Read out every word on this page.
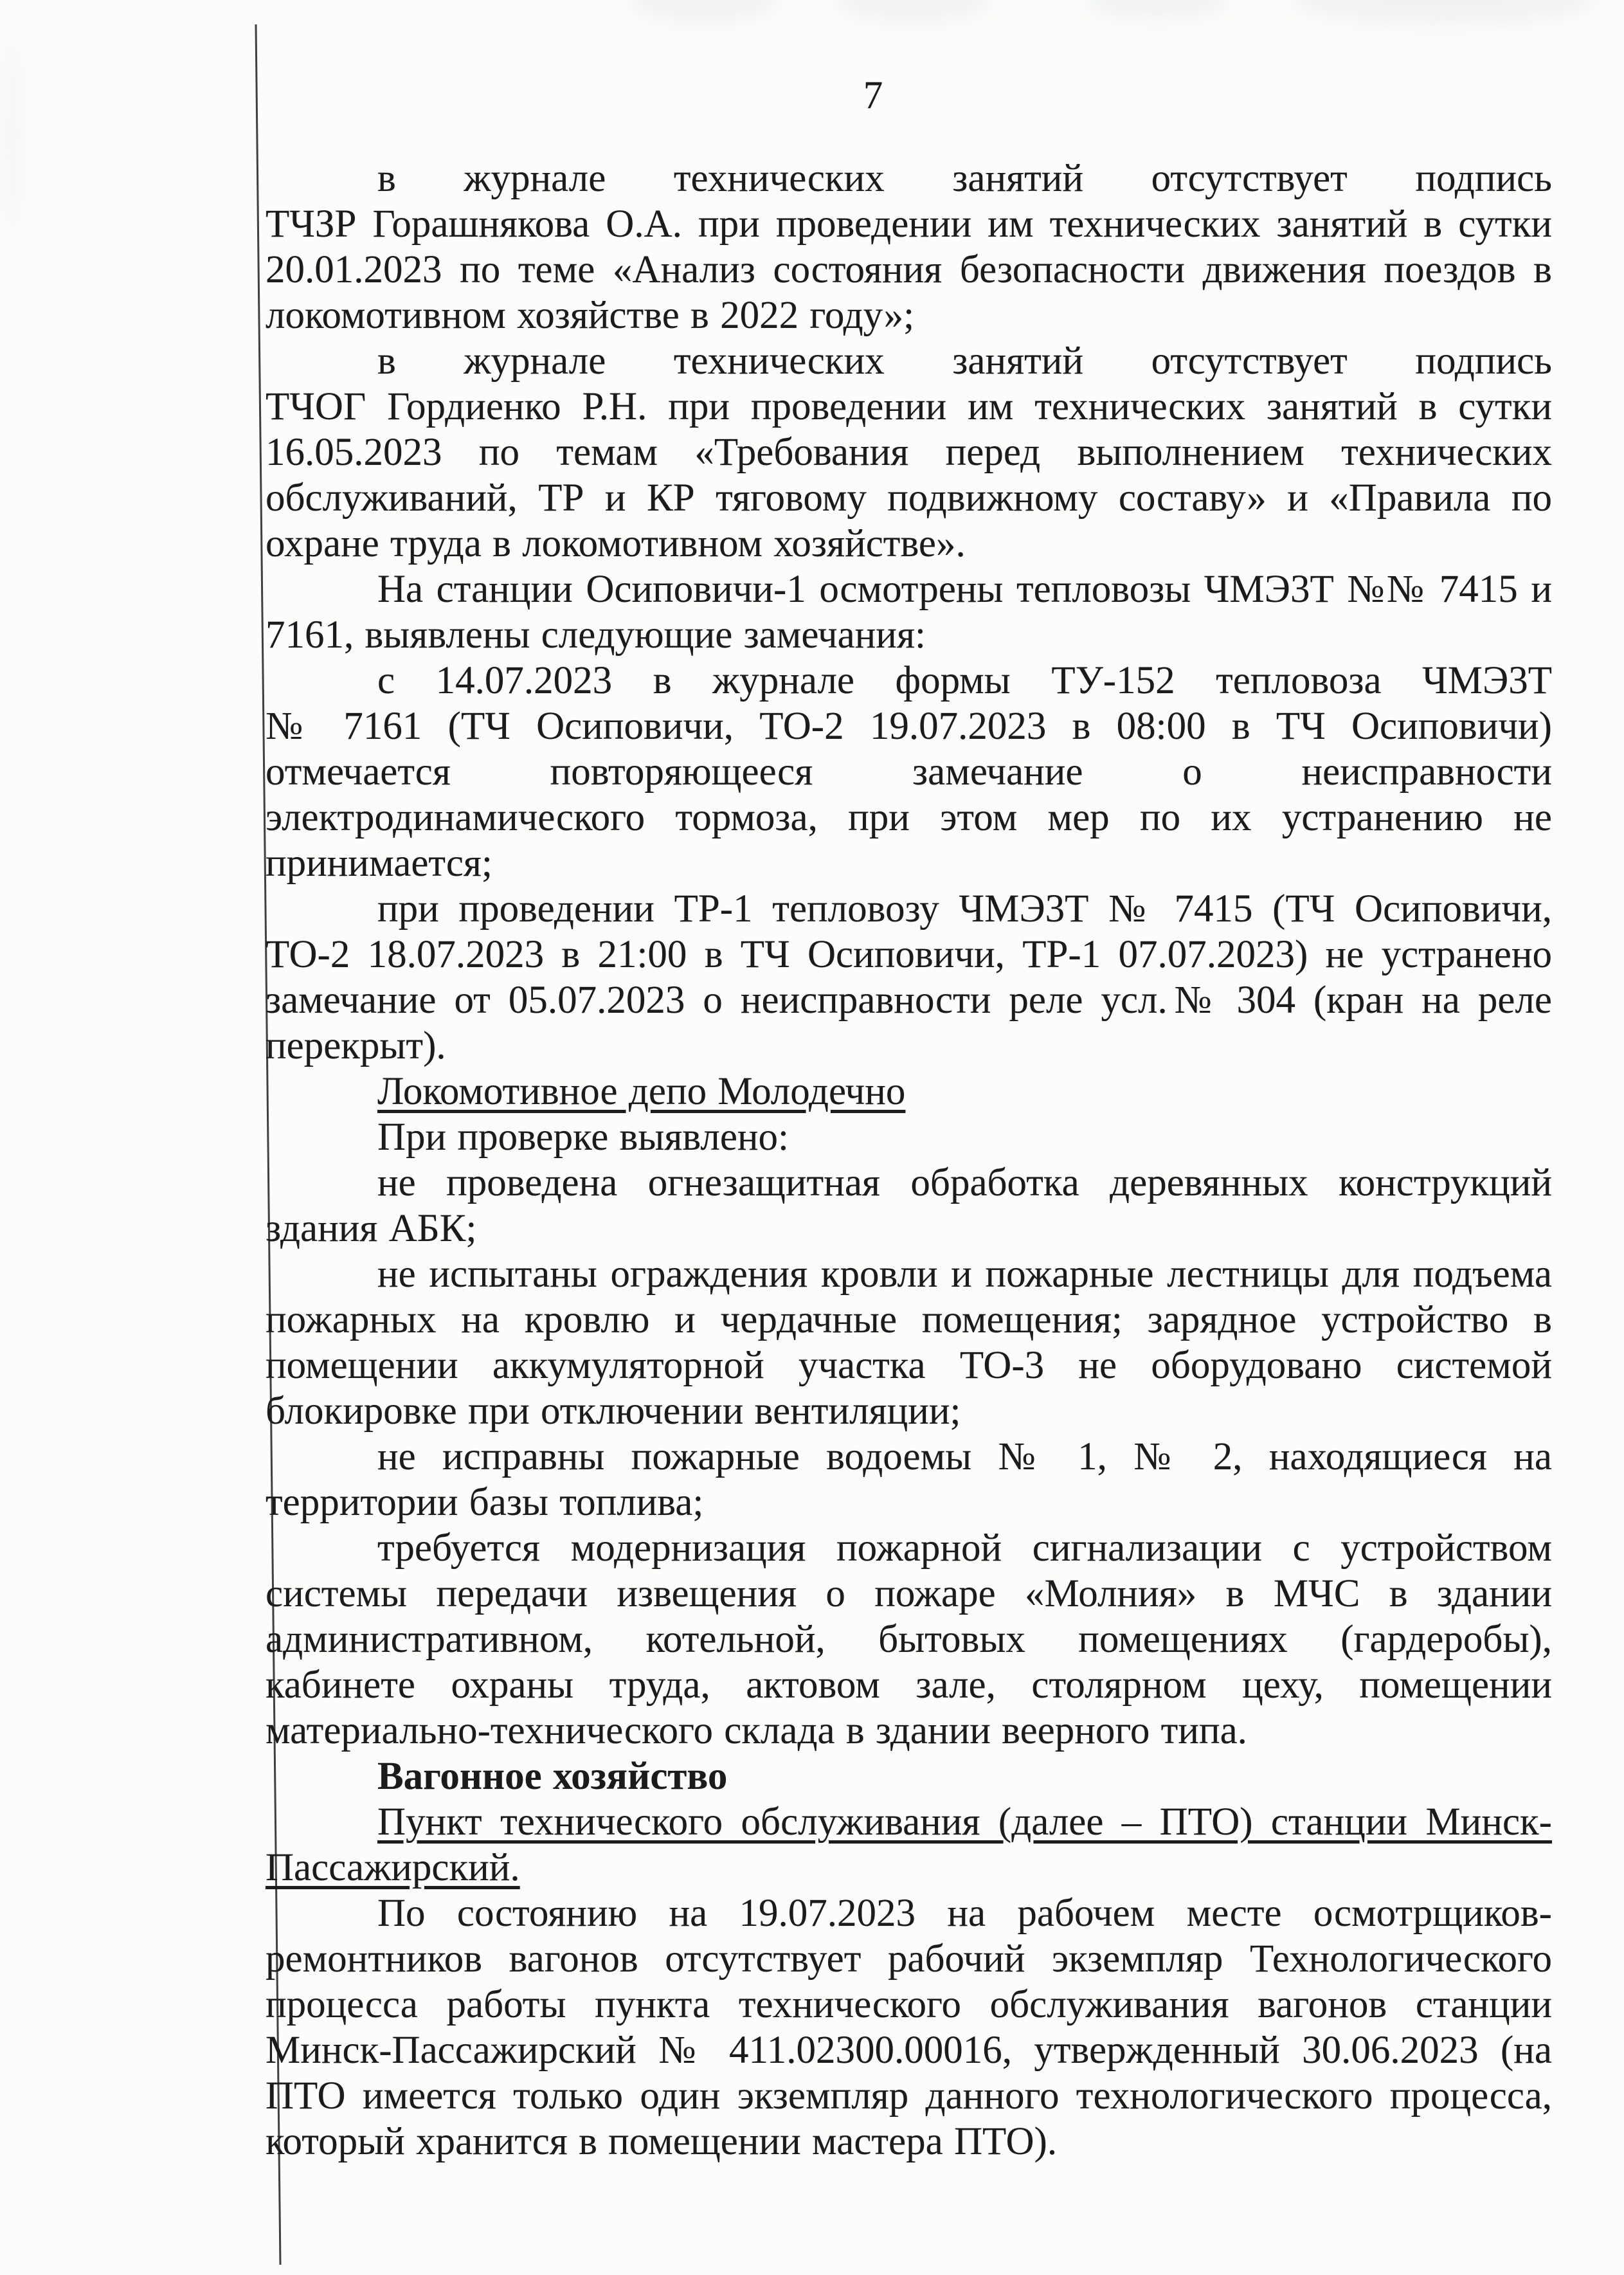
7
в журнале технических занятий отсутствует подпись
ТЧЗР Горашнякова О.А. при проведении им технических занятий в сутки
20.01.2023 по теме «Анализ состояния безопасности движения поездов в
локомотивном хозяйстве в 2022 году»;
в журнале технических занятий отсутствует подпись
ТЧОГ Гордиенко Р.Н. при проведении им технических занятий в сутки
16.05.2023 по темам «Требования перед выполнением технических
обслуживаний, ТР и КР тяговому подвижному составу» и «Правила по
охране труда в локомотивном хозяйстве».
На станции Осиповичи-1 осмотрены тепловозы ЧМЭ3Т №№ 7415 и
7161, выявлены следующие замечания:
с 14.07.2023 в журнале формы ТУ-152 тепловоза ЧМЭ3Т
№ 7161 (ТЧ Осиповичи, ТО-2 19.07.2023 в 08:00 в ТЧ Осиповичи)
отмечается повторяющееся замечание о неисправности
электродинамического тормоза, при этом мер по их устранению не
принимается;
при проведении ТР-1 тепловозу ЧМЭ3Т № 7415 (ТЧ Осиповичи,
ТО-2 18.07.2023 в 21:00 в ТЧ Осиповичи, ТР-1 07.07.2023) не устранено
замечание от 05.07.2023 о неисправности реле усл.№ 304 (кран на реле
перекрыт).
Локомотивное депо Молодечно
При проверке выявлено:
не проведена огнезащитная обработка деревянных конструкций
здания АБК;
не испытаны ограждения кровли и пожарные лестницы для подъема
пожарных на кровлю и чердачные помещения; зарядное устройство в
помещении аккумуляторной участка ТО-3 не оборудовано системой
блокировке при отключении вентиляции;
не исправны пожарные водоемы № 1, № 2, находящиеся на
территории базы топлива;
требуется модернизация пожарной сигнализации с устройством
системы передачи извещения о пожаре «Молния» в МЧС в здании
административном, котельной, бытовых помещениях (гардеробы),
кабинете охраны труда, актовом зале, столярном цеху, помещении
материально-технического склада в здании веерного типа.
Вагонное хозяйство
Пункт технического обслуживания (далее – ПТО) станции Минск-
Пассажирский.
По состоянию на 19.07.2023 на рабочем месте осмотрщиков-
ремонтников вагонов отсутствует рабочий экземпляр Технологического
процесса работы пункта технического обслуживания вагонов станции
Минск-Пассажирский № 411.02300.00016, утвержденный 30.06.2023 (на
ПТО имеется только один экземпляр данного технологического процесса,
который хранится в помещении мастера ПТО).
